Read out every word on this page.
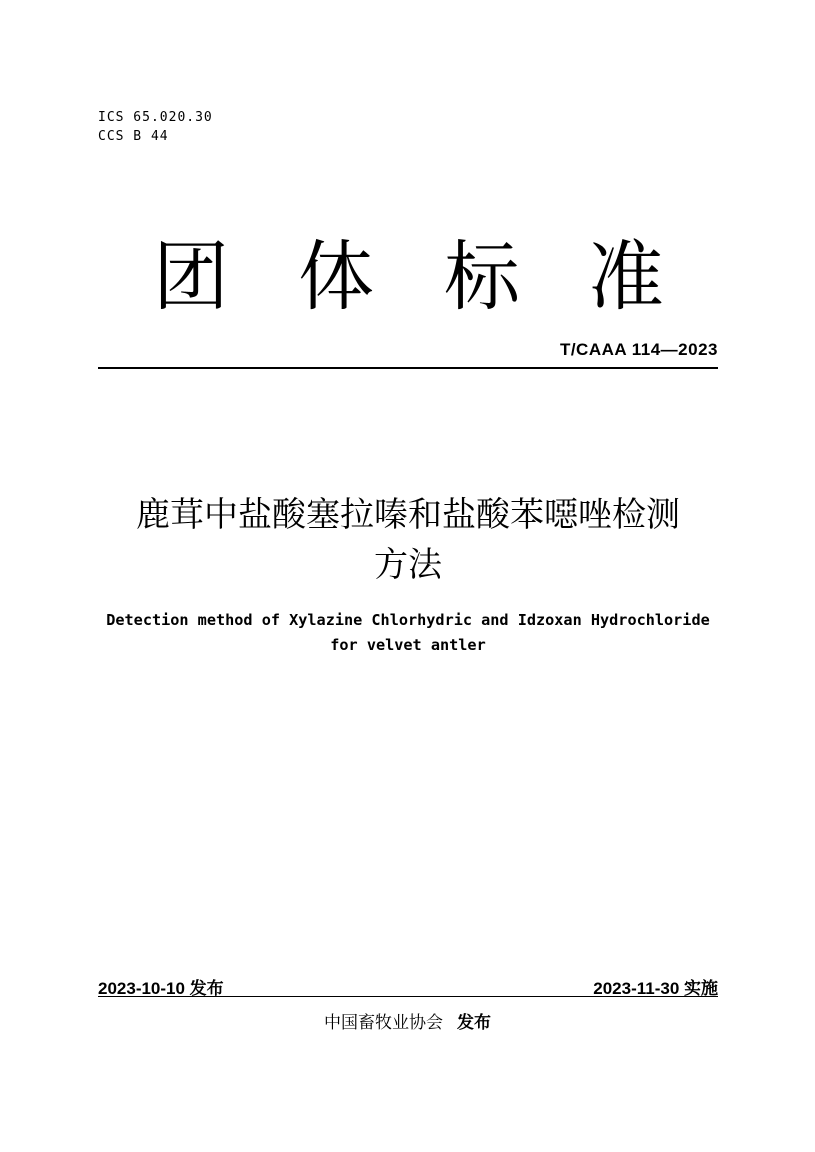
ICS 65.020.30
CCS B 44
团 体 标 准
T/CAAA 114—2023
鹿茸中盐酸塞拉嗪和盐酸苯噁唑检测
方法
Detection method of Xylazine Chlorhydric and Idzoxan Hydrochloride
for velvet antler
2023-10-10 发布	2023-11-30 实施
中国畜牧业协会 发布
